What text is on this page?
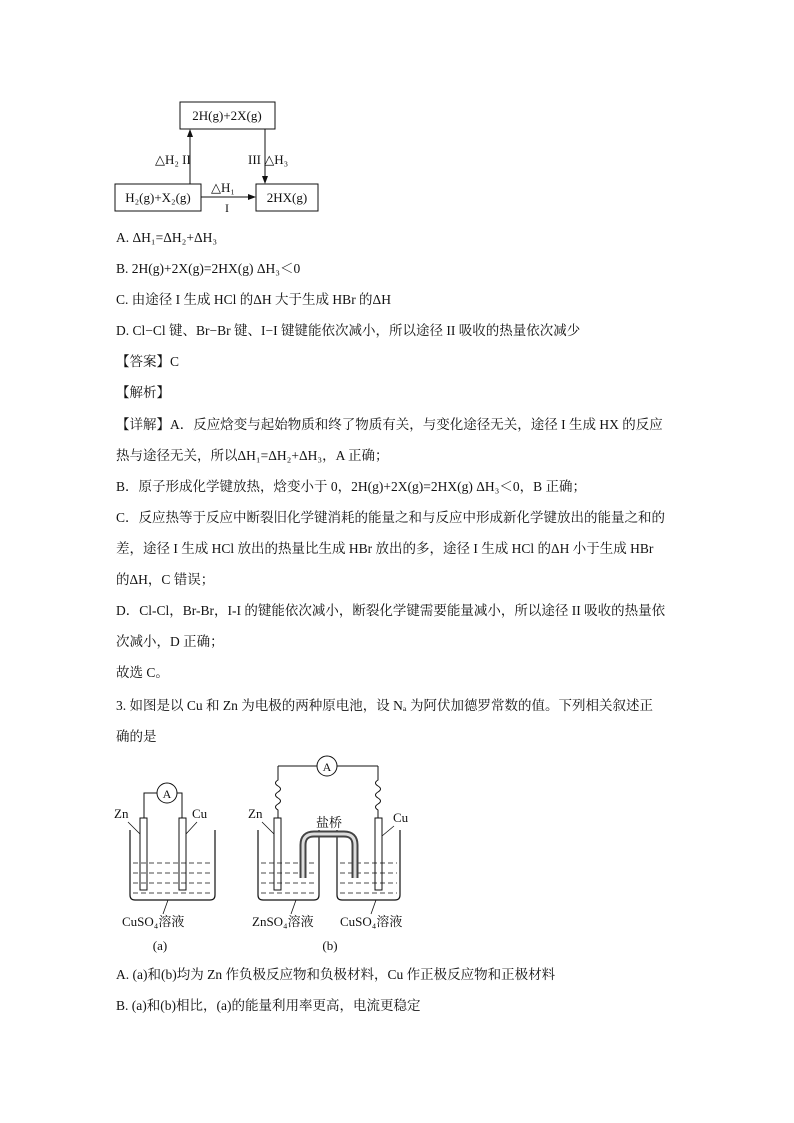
2H(g)+2X(g)
H₂(g)+X₂(g)	2HX(g)
△H₂ II	III △H₃
△H₁
I
A. ΔH₁=ΔH₂+ΔH₃
B. 2H(g)+2X(g)=2HX(g) ΔH₃＜0
C. 由途径 I 生成 HCl 的ΔH 大于生成 HBr 的ΔH
D. Cl−Cl 键、Br−Br 键、I−I 键键能依次减小，所以途径 II 吸收的热量依次减少
【答案】C
【解析】
【详解】A．反应焓变与起始物质和终了物质有关，与变化途径无关，途径 I 生成 HX 的反应
热与途径无关，所以ΔH₁=ΔH₂+ΔH₃，A 正确；
B．原子形成化学键放热，焓变小于 0，2H(g)+2X(g)=2HX(g) ΔH₃＜0，B 正确；
C．反应热等于反应中断裂旧化学键消耗的能量之和与反应中形成新化学键放出的能量之和的
差，途径 I 生成 HCl 放出的热量比生成 HBr 放出的多，途径 I 生成 HCl 的ΔH 小于生成 HBr
的ΔH，C 错误；
D．Cl-Cl，Br-Br，I-I 的键能依次减小，断裂化学键需要能量减小，所以途径 II 吸收的热量依
次减小，D 正确；
故选 C。
3. 如图是以 Cu 和 Zn 为电极的两种原电池，设 Nₐ 为阿伏加德罗常数的值。下列相关叙述正
确的是
A
Zn	Cu
CuSO₄溶液
(a)
A
盐桥
Zn	Cu
ZnSO₄溶液 CuSO₄溶液
(b)
A. (a)和(b)均为 Zn 作负极反应物和负极材料，Cu 作正极反应物和正极材料
B. (a)和(b)相比，(a)的能量利用率更高，电流更稳定
